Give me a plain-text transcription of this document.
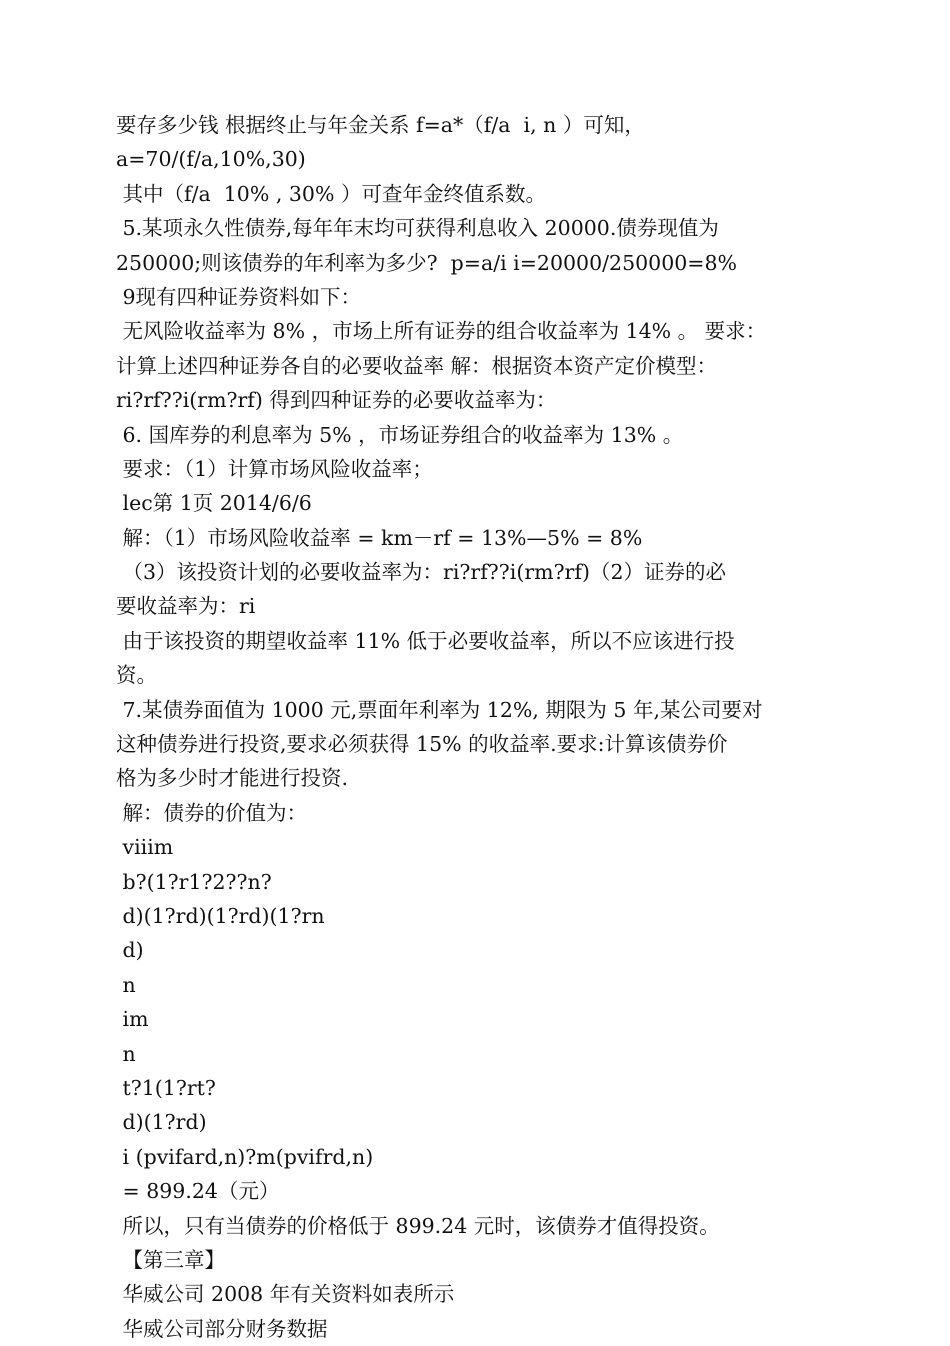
要存多少钱 根据终止与年金关系 f=a*（f/a  i, n ）可知，
a=70/(f/a,10%,30)
其中（f/a  10% , 30% ）可查年金终值系数。
5.某项永久性债券,每年年末均可获得利息收入 20000.债券现值为
250000;则该债券的年利率为多少?  p=a/i i=20000/250000=8%
9现有四种证券资料如下：
无风险收益率为 8% ，市场上所有证券的组合收益率为 14% 。 要求：
计算上述四种证券各自的必要收益率 解：根据资本资产定价模型：
ri?rf??i(rm?rf) 得到四种证券的必要收益率为：
6. 国库券的利息率为 5% ，市场证券组合的收益率为 13% 。
要求：（1）计算市场风险收益率；
lec第 1页 2014/6/6
解：（1）市场风险收益率 = km－rf = 13%—5% = 8%
（3）该投资计划的必要收益率为：ri?rf??i(rm?rf)（2）证券的必
要收益率为：ri
由于该投资的期望收益率 11% 低于必要收益率，所以不应该进行投
资。
7.某债券面值为 1000 元,票面年利率为 12%, 期限为 5 年,某公司要对
这种债券进行投资,要求必须获得 15% 的收益率.要求:计算该债券价
格为多少时才能进行投资.
解：债券的价值为：
viiim
b?(1?r1?2??n?
d)(1?rd)(1?rd)(1?rn
d)
n
im
n
t?1(1?rt?
d)(1?rd)
i (pvifard,n)?m(pvifrd,n)
= 899.24（元）
所以，只有当债券的价格低于 899.24 元时，该债券才值得投资。
【第三章】
华威公司 2008 年有关资料如表所示
华威公司部分财务数据
